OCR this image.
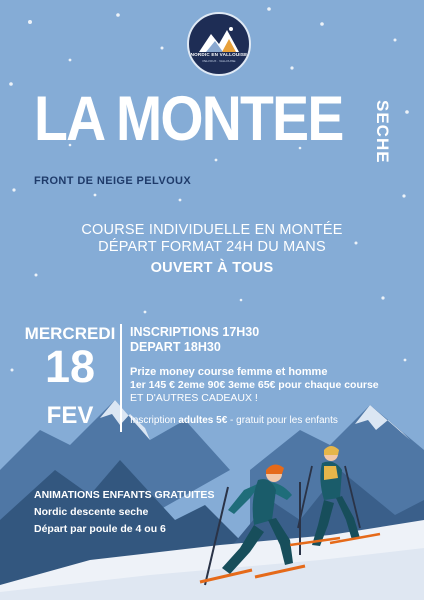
NORDIC EN VALLOUISE
PELVOUX · VALLOUISE
LA MONTEE SECHE
FRONT DE NEIGE PELVOUX
COURSE INDIVIDUELLE EN MONTÉE
DÉPART FORMAT 24H DU MANS
OUVERT À TOUS
MERCREDI
18
FEV
INSCRIPTIONS 17H30
DEPART 18H30
Prize money course femme et homme
1er 145 € 2eme 90€ 3eme 65€ pour chaque course
ET D'AUTRES CADEAUX !
Inscription adultes 5€ - gratuit pour les enfants
ANIMATIONS ENFANTS GRATUITES
Nordic descente seche
Départ par poule de 4 ou 6
